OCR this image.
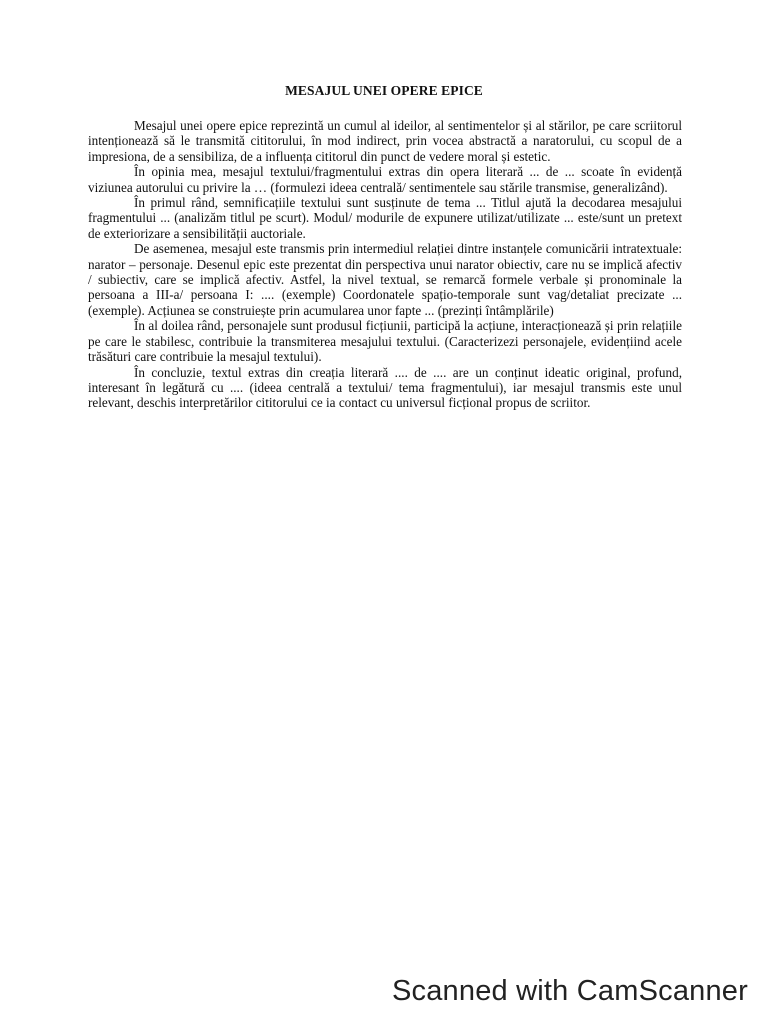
MESAJUL UNEI OPERE EPICE

Mesajul unei opere epice reprezintă un cumul al ideilor, al sentimentelor și al stărilor, pe care scriitorul intenționează să le transmită cititorului, în mod indirect, prin vocea abstractă a naratorului, cu scopul de a impresiona, de a sensibiliza, de a influența cititorul din punct de vedere moral și estetic.

În opinia mea, mesajul textului/fragmentului extras din opera literară ... de ... scoate în evidență viziunea autorului cu privire la … (formulezi ideea centrală/ sentimentele sau stările transmise, generalizând).

În primul rând, semnificațiile textului sunt susținute de tema ... Titlul ajută la decodarea mesajului fragmentului ... (analizăm titlul pe scurt). Modul/ modurile de expunere utilizat/utilizate ... este/sunt un pretext de exteriorizare a sensibilității auctoriale.

De asemenea, mesajul este transmis prin intermediul relației dintre instanțele comunicării intratextuale: narator – personaje. Desenul epic este prezentat din perspectiva unui narator obiectiv, care nu se implică afectiv / subiectiv, care se implică afectiv. Astfel, la nivel textual, se remarcă formele verbale și pronominale la persoana a III-a/ persoana I: .... (exemple) Coordonatele spațio-temporale sunt vag/detaliat precizate ... (exemple). Acțiunea se construiește prin acumularea unor fapte ... (prezinți întâmplările)

În al doilea rând, personajele sunt produsul ficțiunii, participă la acțiune, interacționează și prin relațiile pe care le stabilesc, contribuie la transmiterea mesajului textului. (Caracterizezi personajele, evidențiind acele trăsături care contribuie la mesajul textului).

În concluzie, textul extras din creația literară .... de .... are un conținut ideatic original, profund, interesant în legătură cu .... (ideea centrală a textului/ tema fragmentului), iar mesajul transmis este unul relevant, deschis interpretărilor cititorului ce ia contact cu universul ficțional propus de scriitor.

Scanned with CamScanner
